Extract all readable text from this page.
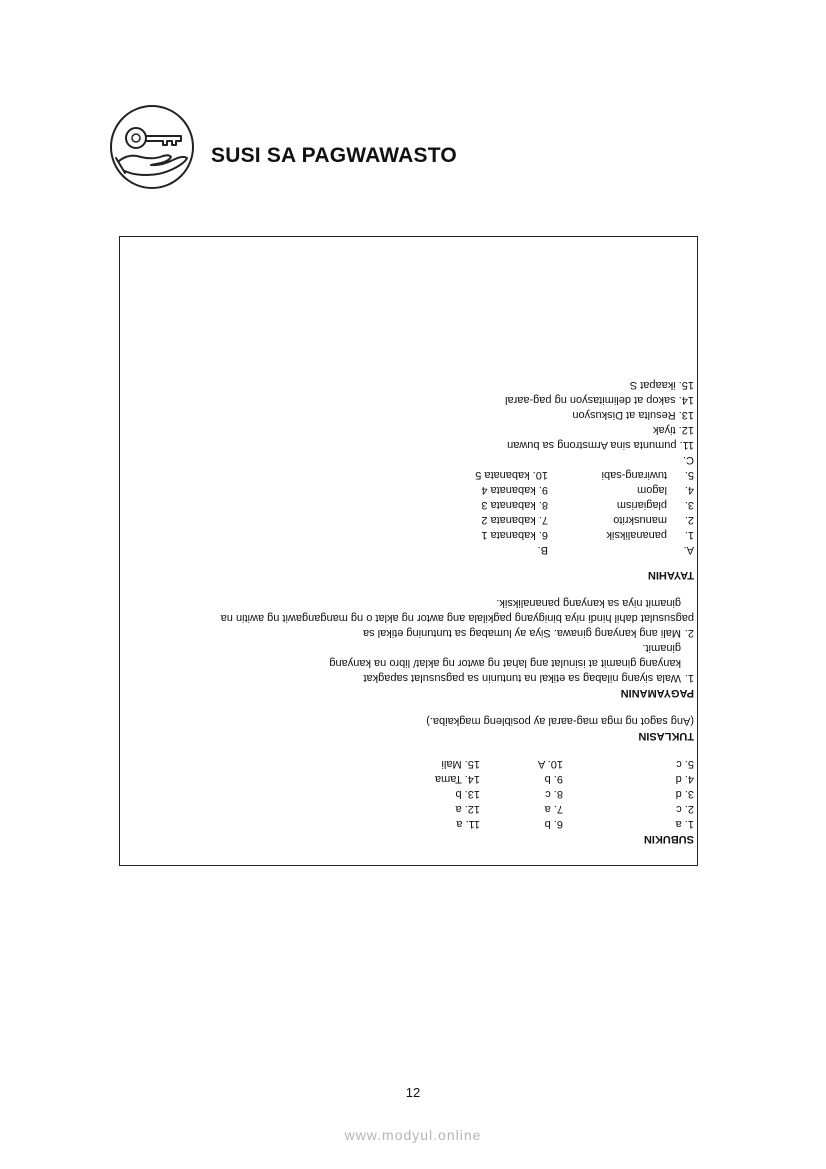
SUSI SA PAGWAWASTO
SUBUKIN
1. a
6. b
11. a
2. c
7. a
12. a
3. d
8. c
13. b
4. d
9. b
14. Tama
5. c
10. A
15. Mali
TUKLASIN
(Ang sagot ng mga mag-aaral ay posibleng magkaiba.)
PAGYAMANIN
1.
Wala siyang nilabag sa etikal na tuntunin sa pagsusulat sapagkat
kanyang ginamit at isinulat ang lahat ng awtor ng aklat/ libro na kanyang
ginamit.
2.
Mali ang kanyang ginawa. Siya ay lumabag sa tuntuning etikal sa
pagsusulat dahil hindi niya binigyang pagkilala ang awtor ng aklat o ng mangangawit ng awitin na
ginamit niya sa kanyang pananaliksik.
TAYAHIN
A.
B.
1.
pananaliksik
6. kabanata 1
2.
manuskrito
7. kabanata 2
3.
plagiarism
8. kabanata 3
4.
lagom
9. kabanata 4
5.
tuwirang-sabi
10. kabanata 5
C.
11. pumunta sina Armstrong sa buwan
12. tiyak
13. Resulta at Diskusyon
14. sakop at delimitasyon ng pag-aaral
15. ikaapat S
12
www.modyul.online
